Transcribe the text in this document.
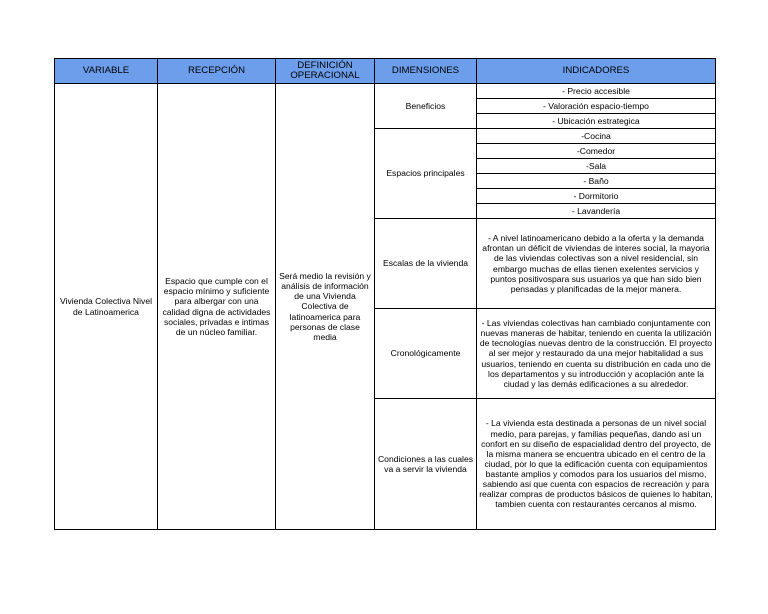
VARIABLE	RECEPCIÓN	DEFINICIÓN OPERACIONAL	DIMENSIONES	INDICADORES
Vivienda Colectiva Nivel de Latinoamerica	Espacio que cumple con el espacio mínimo y suficiente para albergar con una calidad digna de actividades sociales, privadas e intimas de un núcleo familiar.	Será medio la revisión y análisis de información de una Vivienda Colectiva de latinoamerica para personas de clase media	Beneficios	- Precio accesible
				- Valoración espacio-tiempo
				- Ubicación estrategica
			Espacios principales	-Cocina
				-Comedor
				-Sala
				- Baño
				- Dormitorio
				- Lavandería
			Escalas de la vivienda	- A nivel latinoamericano debido a la oferta y la demanda afrontan un déficit de viviendas de interes social, la mayoria de las viviendas colectivas son a nivel residencial, sin embargo muchas de ellas tienen exelentes servicios y puntos positivospara sus usuarios ya que han sido bien pensadas y planificadas de la mejor manera.
			Cronológicamente	- Las viviendas colectivas han cambiado conjuntamente con nuevas maneras de habitar, teniendo en cuenta la utilización de tecnologías nuevas dentro de la construcción. El proyecto al ser mejor y restaurado da una mejor habitalidad a sus usuarios, teniendo en cuenta su distribución en cada uno de los departamentos y su introducción y acoplación ante la ciudad y las demás edificaciones a su alrededor.
			Condiciones a las cuales va a servir la vivienda	- La vivienda esta destinada a personas de un nivel social medio, para parejas, y familias pequeñas, dando asi un confort en su diseño de espacialidad dentro del proyecto, de la misma manera se encuentra ubicado en el centro de la ciudad, por lo que la edificación cuenta con equipamientos bastante amplios y comodos para los usuarios del mismo, sabiendo asi que cuenta con espacios de recreación y para realizar compras de productos básicos de quienes lo habitan, tambien cuenta con restaurantes cercanos al mismo.
